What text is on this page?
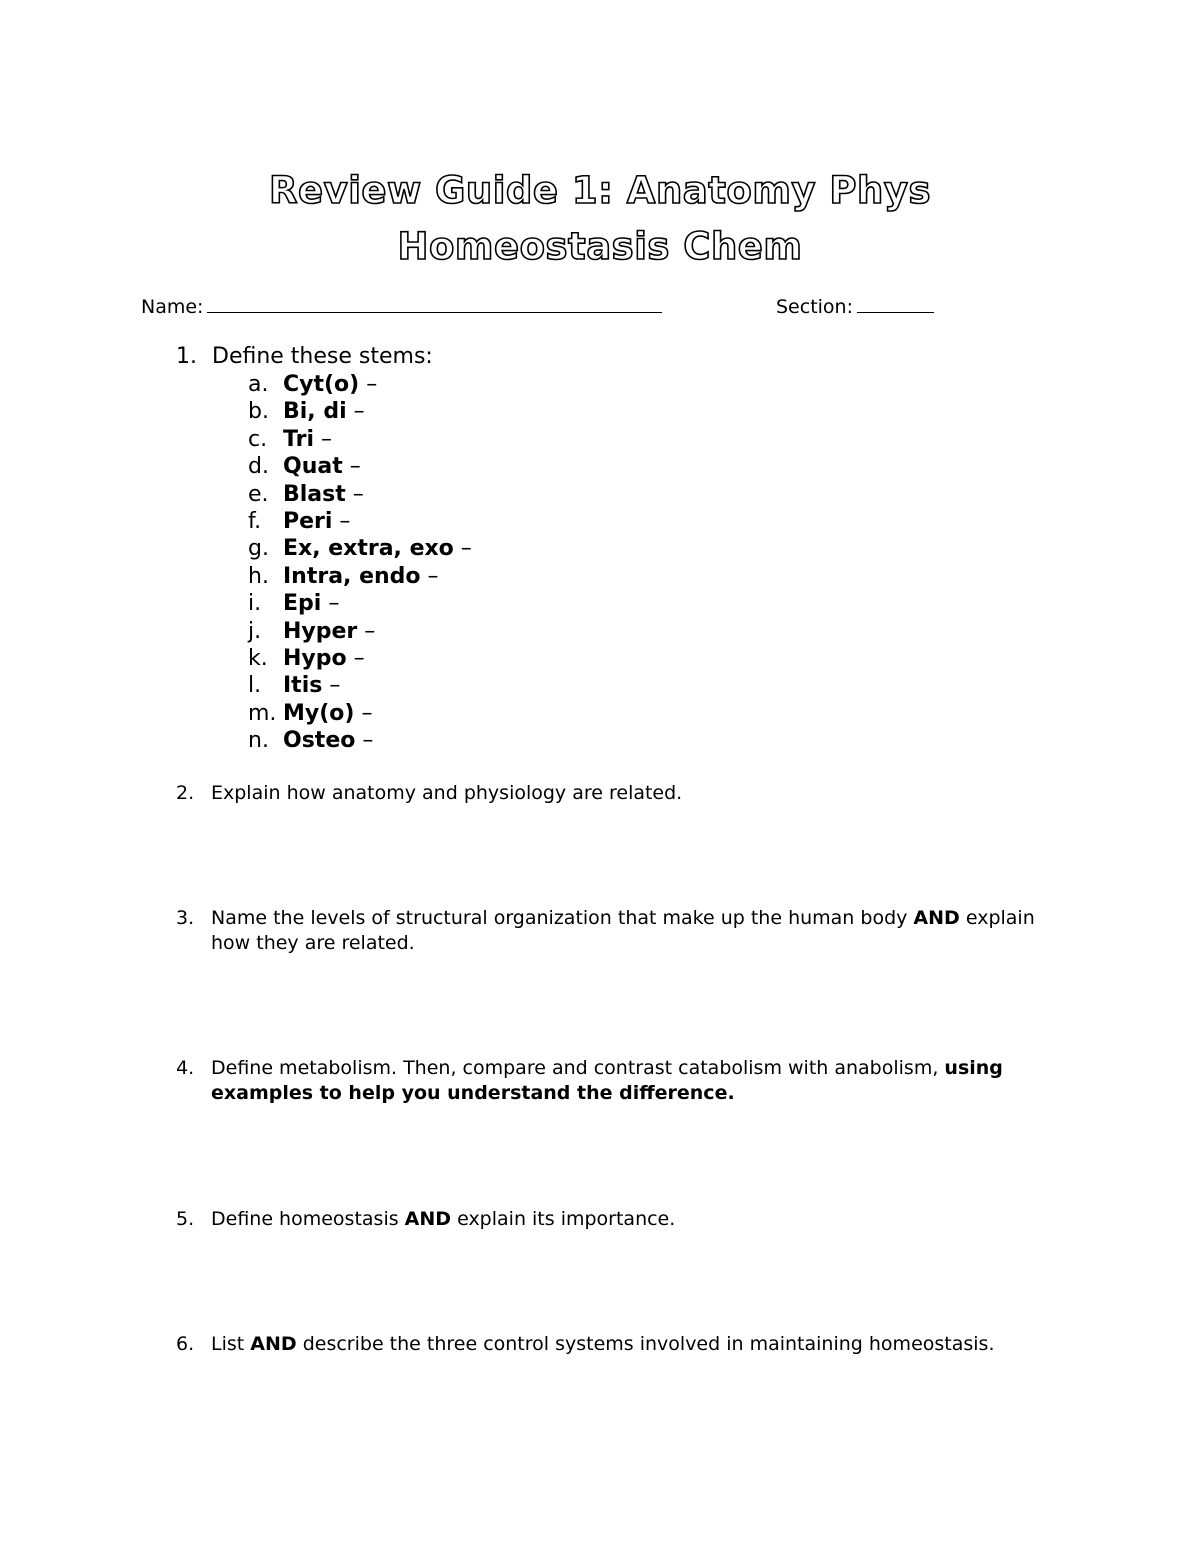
Review Guide 1: Anatomy Phys
Homeostasis Chem
Name:	Section:
1. Define these stems:
a. Cyt(o) –
b. Bi, di –
c. Tri –
d. Quat –
e. Blast –
f. Peri –
g. Ex, extra, exo –
h. Intra, endo –
i. Epi –
j. Hyper –
k. Hypo –
l. Itis –
m. My(o) –
n. Osteo –
2. Explain how anatomy and physiology are related.
3. Name the levels of structural organization that make up the human body AND explain how they are related.
4. Define metabolism. Then, compare and contrast catabolism with anabolism, using examples to help you understand the difference.
5. Define homeostasis AND explain its importance.
6. List AND describe the three control systems involved in maintaining homeostasis.
